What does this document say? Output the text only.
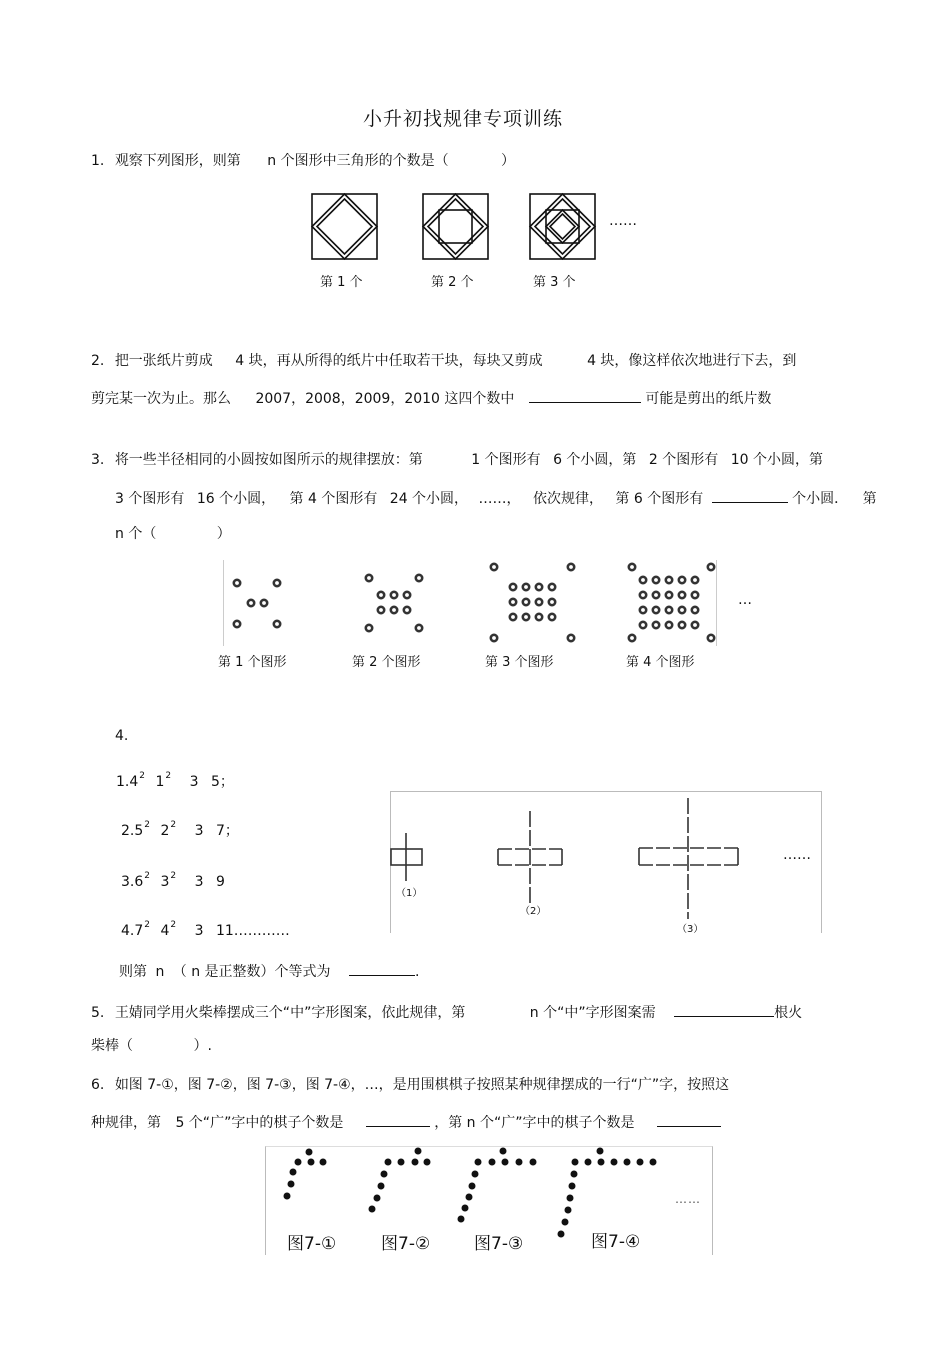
小升初找规律专项训练
1. 观察下列图形，则第 n 个图形中三角形的个数是（	）
……
第 1 个	第 2 个	第 3 个
2. 把一张纸片剪成 4 块，再从所得的纸片中任取若干块，每块又剪成	4 块，像这样依次地进行下去，到
剪完某一次为止。那么 2007，2008，2009，2010 这四个数中	可能是剪出的纸片数
3. 将一些半径相同的小圆按如图所示的规律摆放：第	1 个图形有 6 个小圆，第 2 个图形有 10 个小圆，第
3 个图形有 16 个小圆， 第 4 个图形有 24 个小圆， ……， 依次规律， 第 6 个图形有	个小圆． 第
n 个（	）
…
第 1 个图形	第 2 个图形	第 3 个图形	第 4 个图形
4.
$1.4^2$ $1^2$ 3 5；
$2.5^2$ $2^2$ 3 7；
$3.6^2$ $3^2$ 3 9
$4.7^2$ $4^2$ 3 11…………
则第 n （ n 是正整数）个等式为	.
（1）
（2）
（3）
……
5. 王婧同学用火柴棒摆成三个“中”字形图案，依此规律，第	n 个“中”字形图案需	根火
柴棒（	）.
6. 如图 7-①，图 7-②，图 7-③，图 7-④，…，是用围棋棋子按照某种规律摆成的一行“广”字，按照这
种规律，第 5 个“广”字中的棋子个数是	，第 n 个“广”字中的棋子个数是
图7-①	图7-②	图7-③	图7-④
……
